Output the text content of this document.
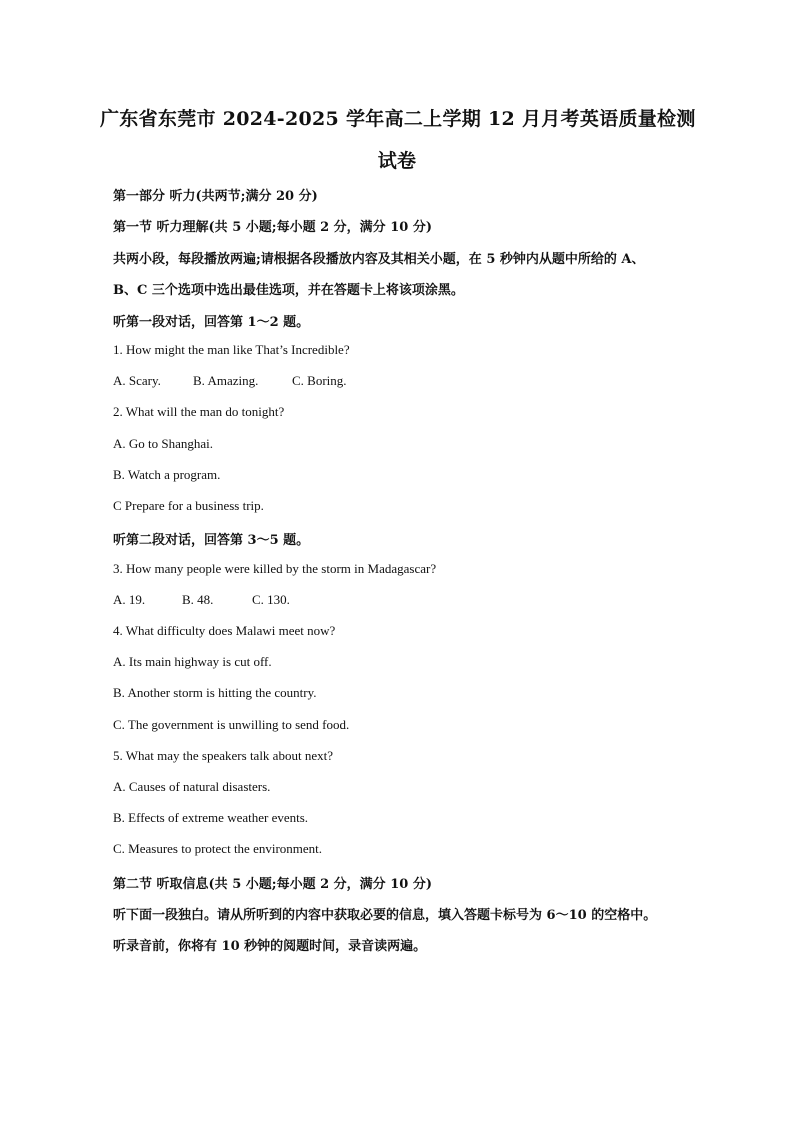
广东省东莞市 2024-2025 学年高二上学期 12 月月考英语质量检测
试卷
第一部分 听力(共两节;满分 20 分)
第一节 听力理解(共 5 小题;每小题 2 分，满分 10 分)
共两小段，每段播放两遍;请根据各段播放内容及其相关小题，在 5 秒钟内从题中所给的 A、
B、C 三个选项中选出最佳选项，并在答题卡上将该项涂黑。
听第一段对话，回答第 1～2 题。
1. How might the man like That’s Incredible?
A. Scary. B. Amazing.	C. Boring.
2. What will the man do tonight?
A. Go to Shanghai.
B. Watch a program.
C Prepare for a business trip.
听第二段对话，回答第 3～5 题。
3. How many people were killed by the storm in Madagascar?
A. 19.	B. 48.	C. 130.
4. What difficulty does Malawi meet now?
A. Its main highway is cut off.
B. Another storm is hitting the country.
C. The government is unwilling to send food.
5. What may the speakers talk about next?
A. Causes of natural disasters.
B. Effects of extreme weather events.
C. Measures to protect the environment.
第二节 听取信息(共 5 小题;每小题 2 分，满分 10 分)
听下面一段独白。请从所听到的内容中获取必要的信息，填入答题卡标号为 6～10 的空格中。
听录音前，你将有 10 秒钟的阅题时间，录音读两遍。
